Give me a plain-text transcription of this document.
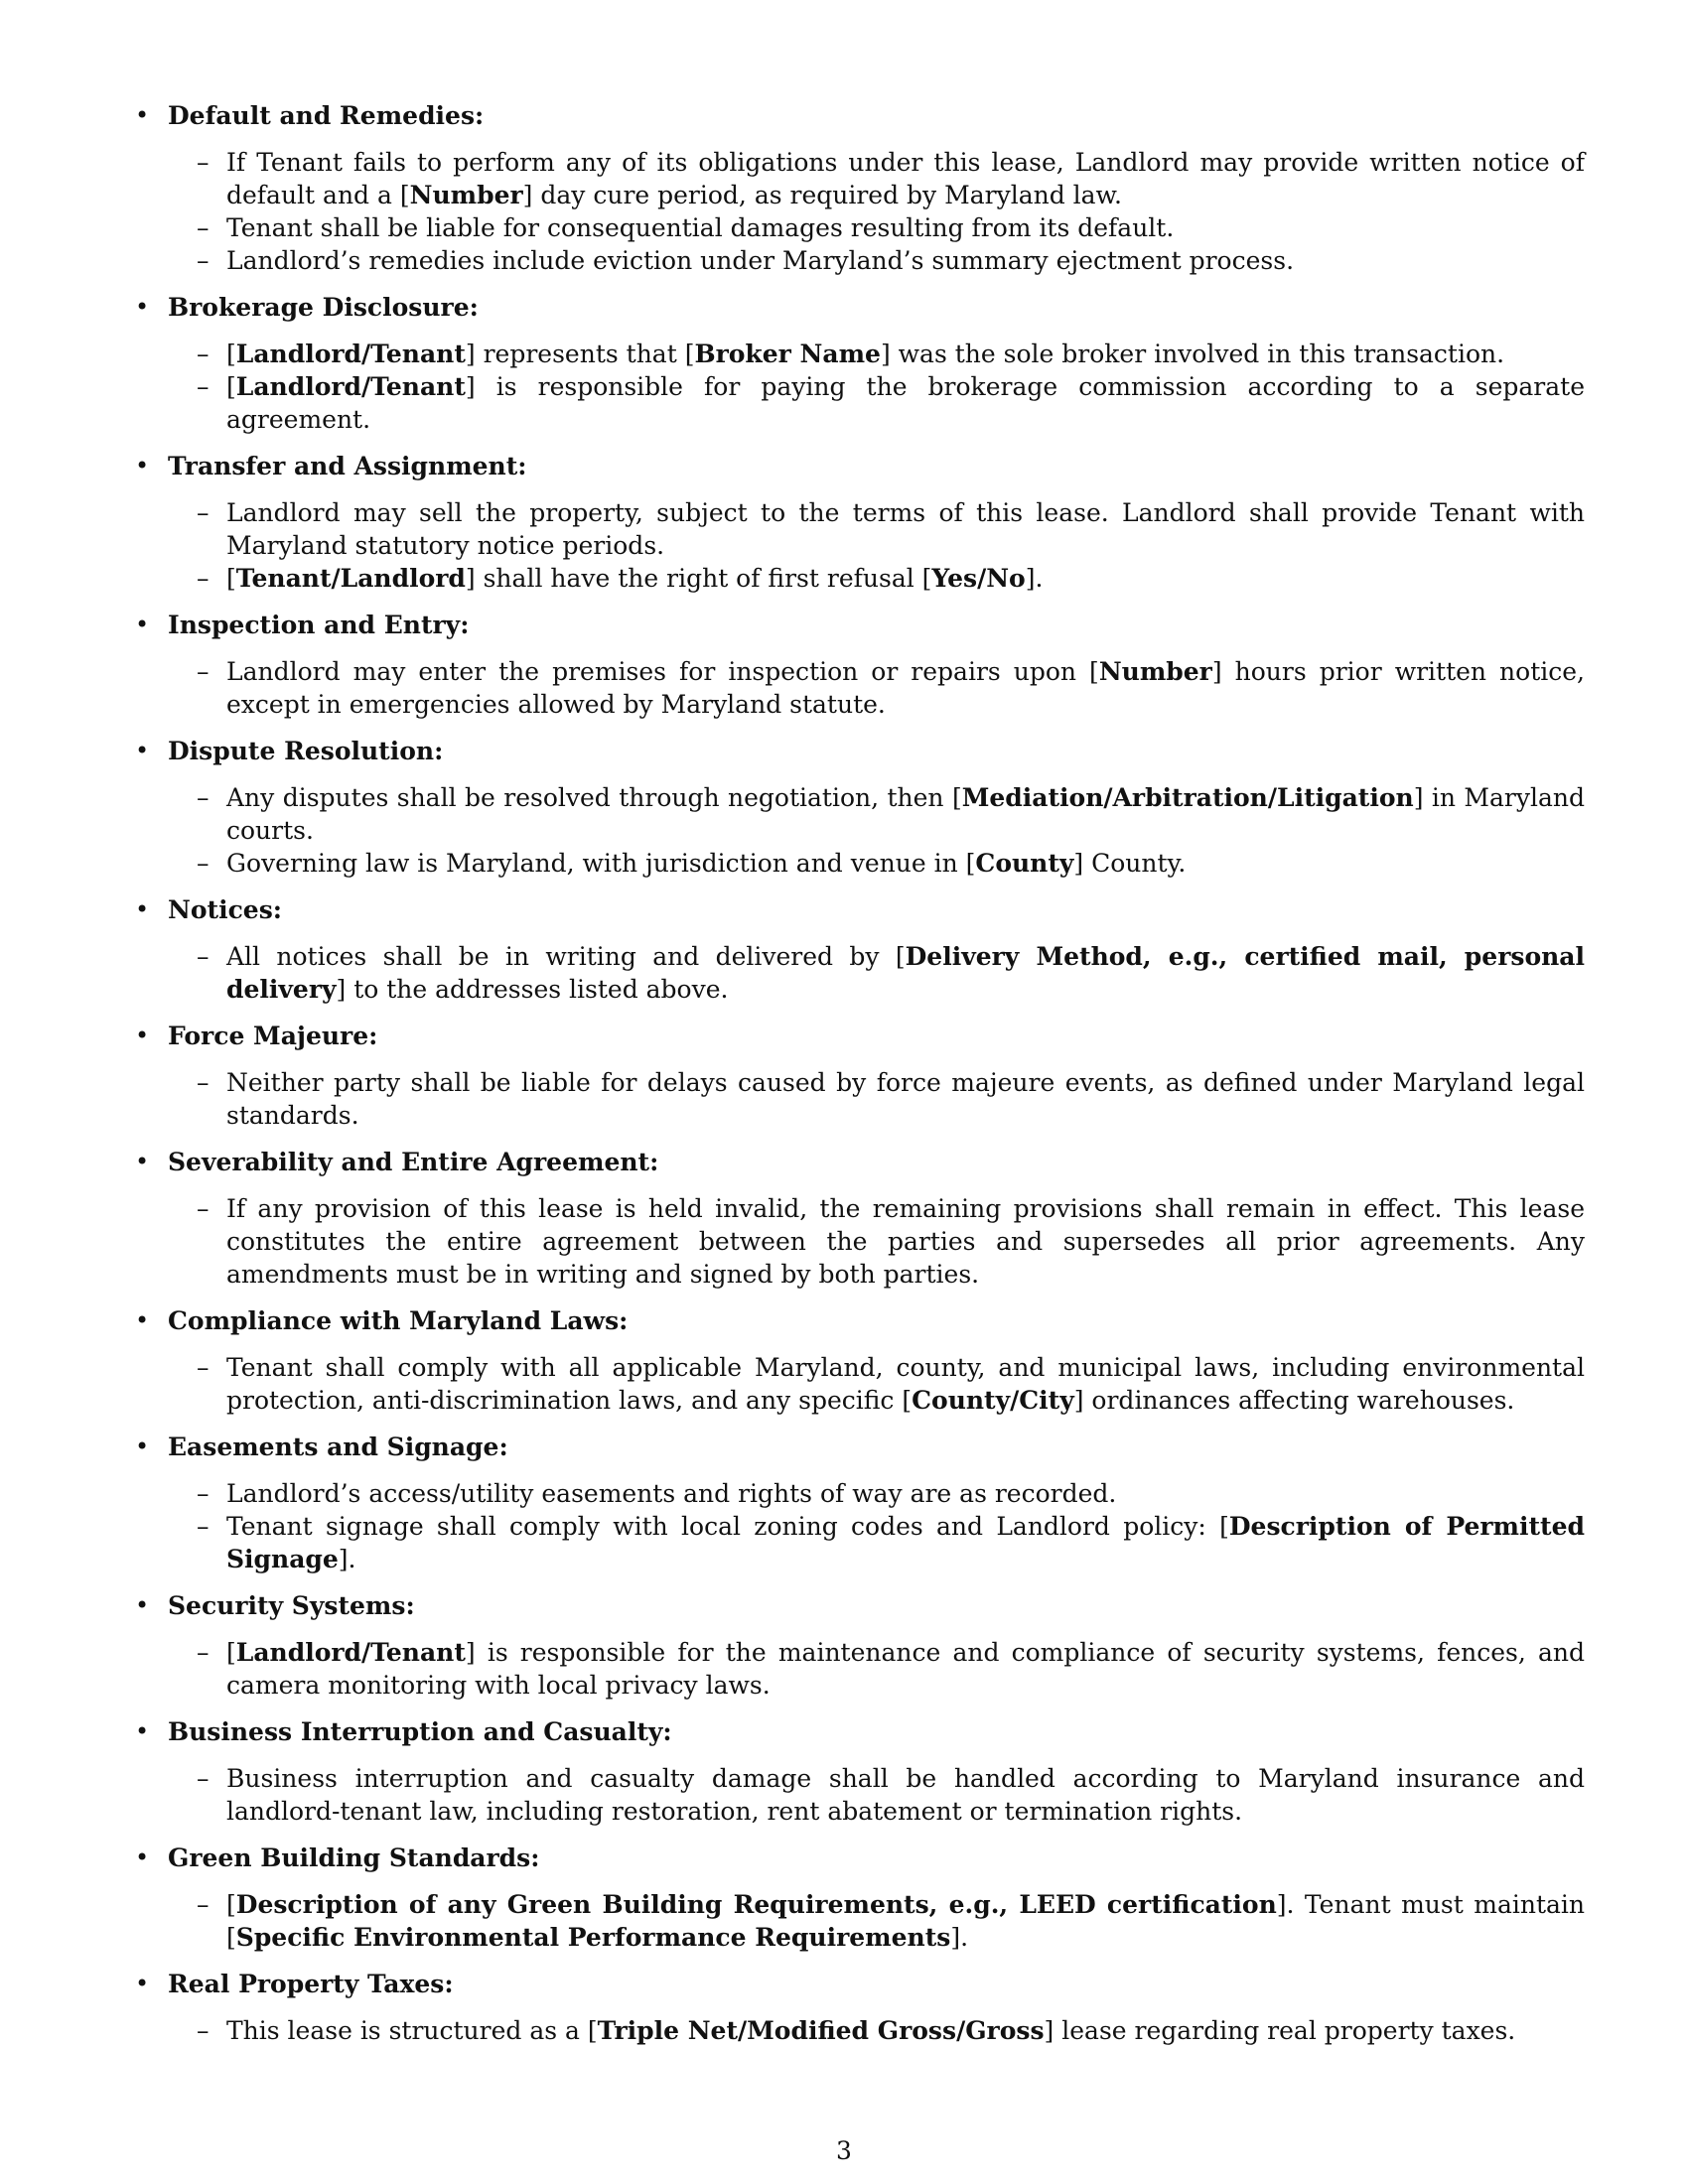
• Default and Remedies:
– If Tenant fails to perform any of its obligations under this lease, Landlord may provide written notice of default and a [Number] day cure period, as required by Maryland law.
– Tenant shall be liable for consequential damages resulting from its default.
– Landlord’s remedies include eviction under Maryland’s summary ejectment process.
• Brokerage Disclosure:
– [Landlord/Tenant] represents that [Broker Name] was the sole broker involved in this transaction.
– [Landlord/Tenant] is responsible for paying the brokerage commission according to a separate agreement.
• Transfer and Assignment:
– Landlord may sell the property, subject to the terms of this lease. Landlord shall provide Tenant with Maryland statutory notice periods.
– [Tenant/Landlord] shall have the right of first refusal [Yes/No].
• Inspection and Entry:
– Landlord may enter the premises for inspection or repairs upon [Number] hours prior written notice, except in emergencies allowed by Maryland statute.
• Dispute Resolution:
– Any disputes shall be resolved through negotiation, then [Mediation/Arbitration/Litigation] in Maryland courts.
– Governing law is Maryland, with jurisdiction and venue in [County] County.
• Notices:
– All notices shall be in writing and delivered by [Delivery Method, e.g., certified mail, personal delivery] to the addresses listed above.
• Force Majeure:
– Neither party shall be liable for delays caused by force majeure events, as defined under Maryland legal standards.
• Severability and Entire Agreement:
– If any provision of this lease is held invalid, the remaining provisions shall remain in effect. This lease constitutes the entire agreement between the parties and supersedes all prior agreements. Any amendments must be in writing and signed by both parties.
• Compliance with Maryland Laws:
– Tenant shall comply with all applicable Maryland, county, and municipal laws, including environmental protection, anti-discrimination laws, and any specific [County/City] ordinances affecting warehouses.
• Easements and Signage:
– Landlord’s access/utility easements and rights of way are as recorded.
– Tenant signage shall comply with local zoning codes and Landlord policy: [Description of Permitted Signage].
• Security Systems:
– [Landlord/Tenant] is responsible for the maintenance and compliance of security systems, fences, and camera monitoring with local privacy laws.
• Business Interruption and Casualty:
– Business interruption and casualty damage shall be handled according to Maryland insurance and landlord-tenant law, including restoration, rent abatement or termination rights.
• Green Building Standards:
– [Description of any Green Building Requirements, e.g., LEED certification]. Tenant must maintain [Specific Environmental Performance Requirements].
• Real Property Taxes:
– This lease is structured as a [Triple Net/Modified Gross/Gross] lease regarding real property taxes.
3
